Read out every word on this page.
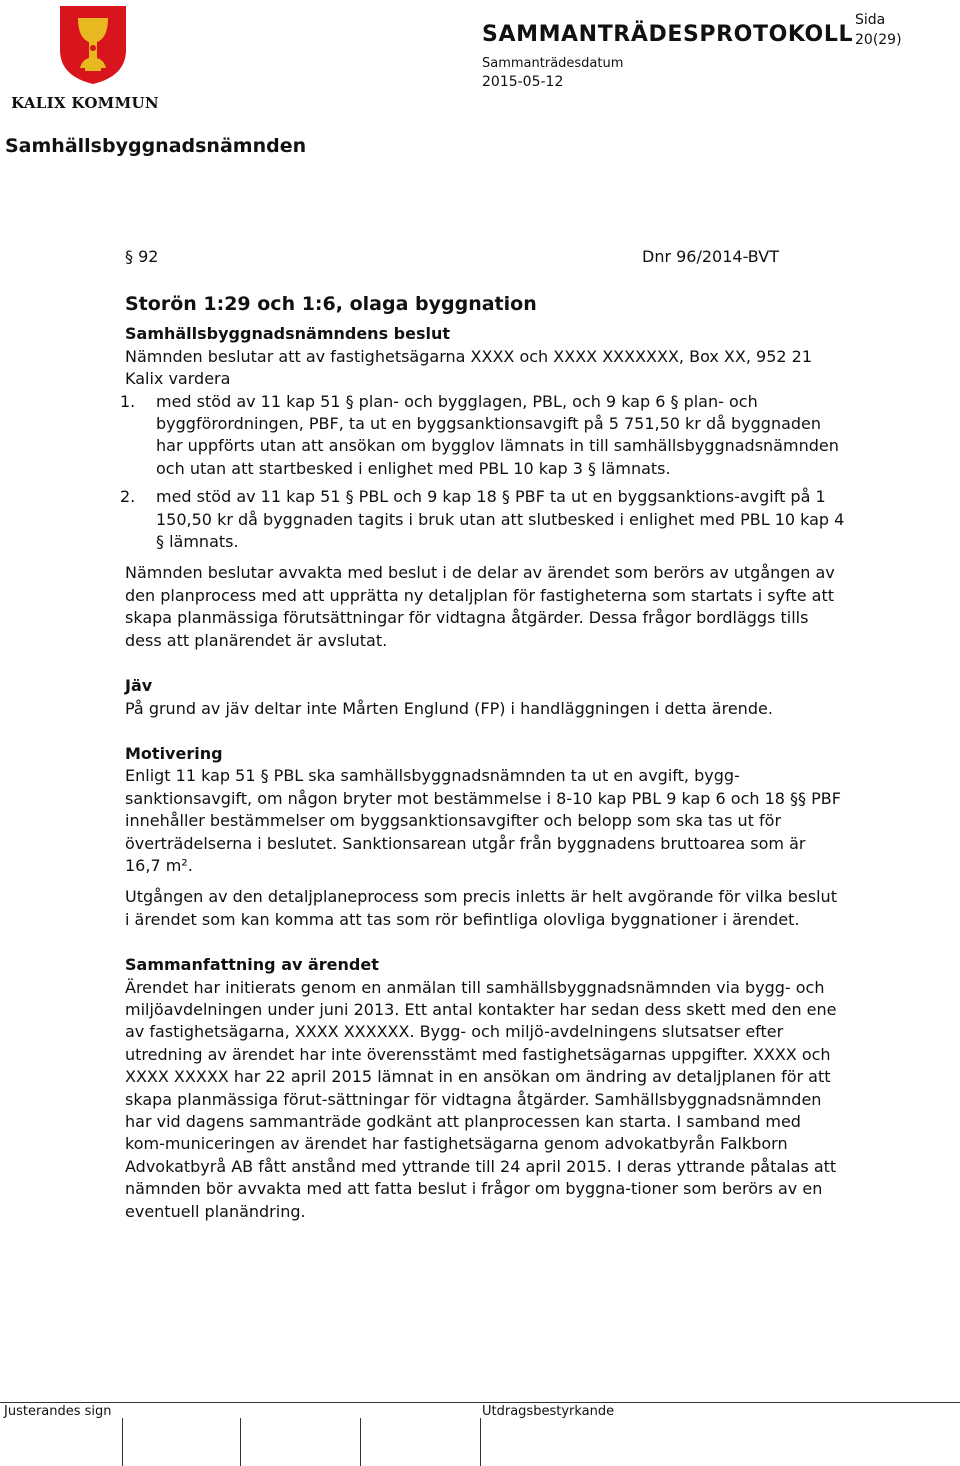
KALIX KOMMUN
SAMMANTRÄDESPROTOKOLL
Sida
20(29)
Sammanträdesdatum
2015-05-12
Samhällsbyggnadsnämnden
§ 92	Dnr 96/2014-BVT
Storön 1:29 och 1:6, olaga byggnation
Samhällsbyggnadsnämndens beslut

Nämnden beslutar att av fastighetsägarna XXXX och XXXX XXXXXXX, Box XX, 952 21 Kalix vardera

1.	med stöd av 11 kap 51 § plan- och bygglagen, PBL, och 9 kap 6 § plan- och byggförordningen, PBF, ta ut en byggsanktionsavgift på 5 751,50 kr då byggnaden har uppförts utan att ansökan om bygglov lämnats in till samhällsbyggnadsnämnden och utan att startbesked i enlighet med PBL 10 kap 3 § lämnats.
2.	med stöd av 11 kap 51 § PBL och 9 kap 18 § PBF ta ut en byggsanktions-avgift på 1 150,50 kr då byggnaden tagits i bruk utan att slutbesked i enlighet med PBL 10 kap 4 § lämnats.

Nämnden beslutar avvakta med beslut i de delar av ärendet som berörs av utgången av den planprocess med att upprätta ny detaljplan för fastigheterna som startats i syfte att skapa planmässiga förutsättningar för vidtagna åtgärder. Dessa frågor bordläggs tills dess att planärendet är avslutat.

Jäv

På grund av jäv deltar inte Mårten Englund (FP) i handläggningen i detta ärende.

Motivering

Enligt 11 kap 51 § PBL ska samhällsbyggnadsnämnden ta ut en avgift, bygg-sanktionsavgift, om någon bryter mot bestämmelse i 8-10 kap PBL 9 kap 6 och 18 §§ PBF innehåller bestämmelser om byggsanktionsavgifter och belopp som ska tas ut för överträdelserna i beslutet. Sanktionsarean utgår från byggnadens bruttoarea som är 16,7 m².

Utgången av den detaljplaneprocess som precis inletts är helt avgörande för vilka beslut i ärendet som kan komma att tas som rör befintliga olovliga byggnationer i ärendet.

Sammanfattning av ärendet

Ärendet har initierats genom en anmälan till samhällsbyggnadsnämnden via bygg- och miljöavdelningen under juni 2013. Ett antal kontakter har sedan dess skett med den ene av fastighetsägarna, XXXX XXXXXX. Bygg- och miljö-avdelningens slutsatser efter utredning av ärendet har inte överensstämt med fastighetsägarnas uppgifter. XXXX och XXXX XXXXX har 22 april 2015 lämnat in en ansökan om ändring av detaljplanen för att skapa planmässiga förut-sättningar för vidtagna åtgärder. Samhällsbyggnadsnämnden har vid dagens sammanträde godkänt att planprocessen kan starta. I samband med kom-municeringen av ärendet har fastighetsägarna genom advokatbyrån Falkborn Advokatbyrå AB fått anstånd med yttrande till 24 april 2015. I deras yttrande påtalas att nämnden bör avvakta med att fatta beslut i frågor om byggna-tioner som berörs av en eventuell planändring.

Justerandes sign	Utdragsbestyrkande
